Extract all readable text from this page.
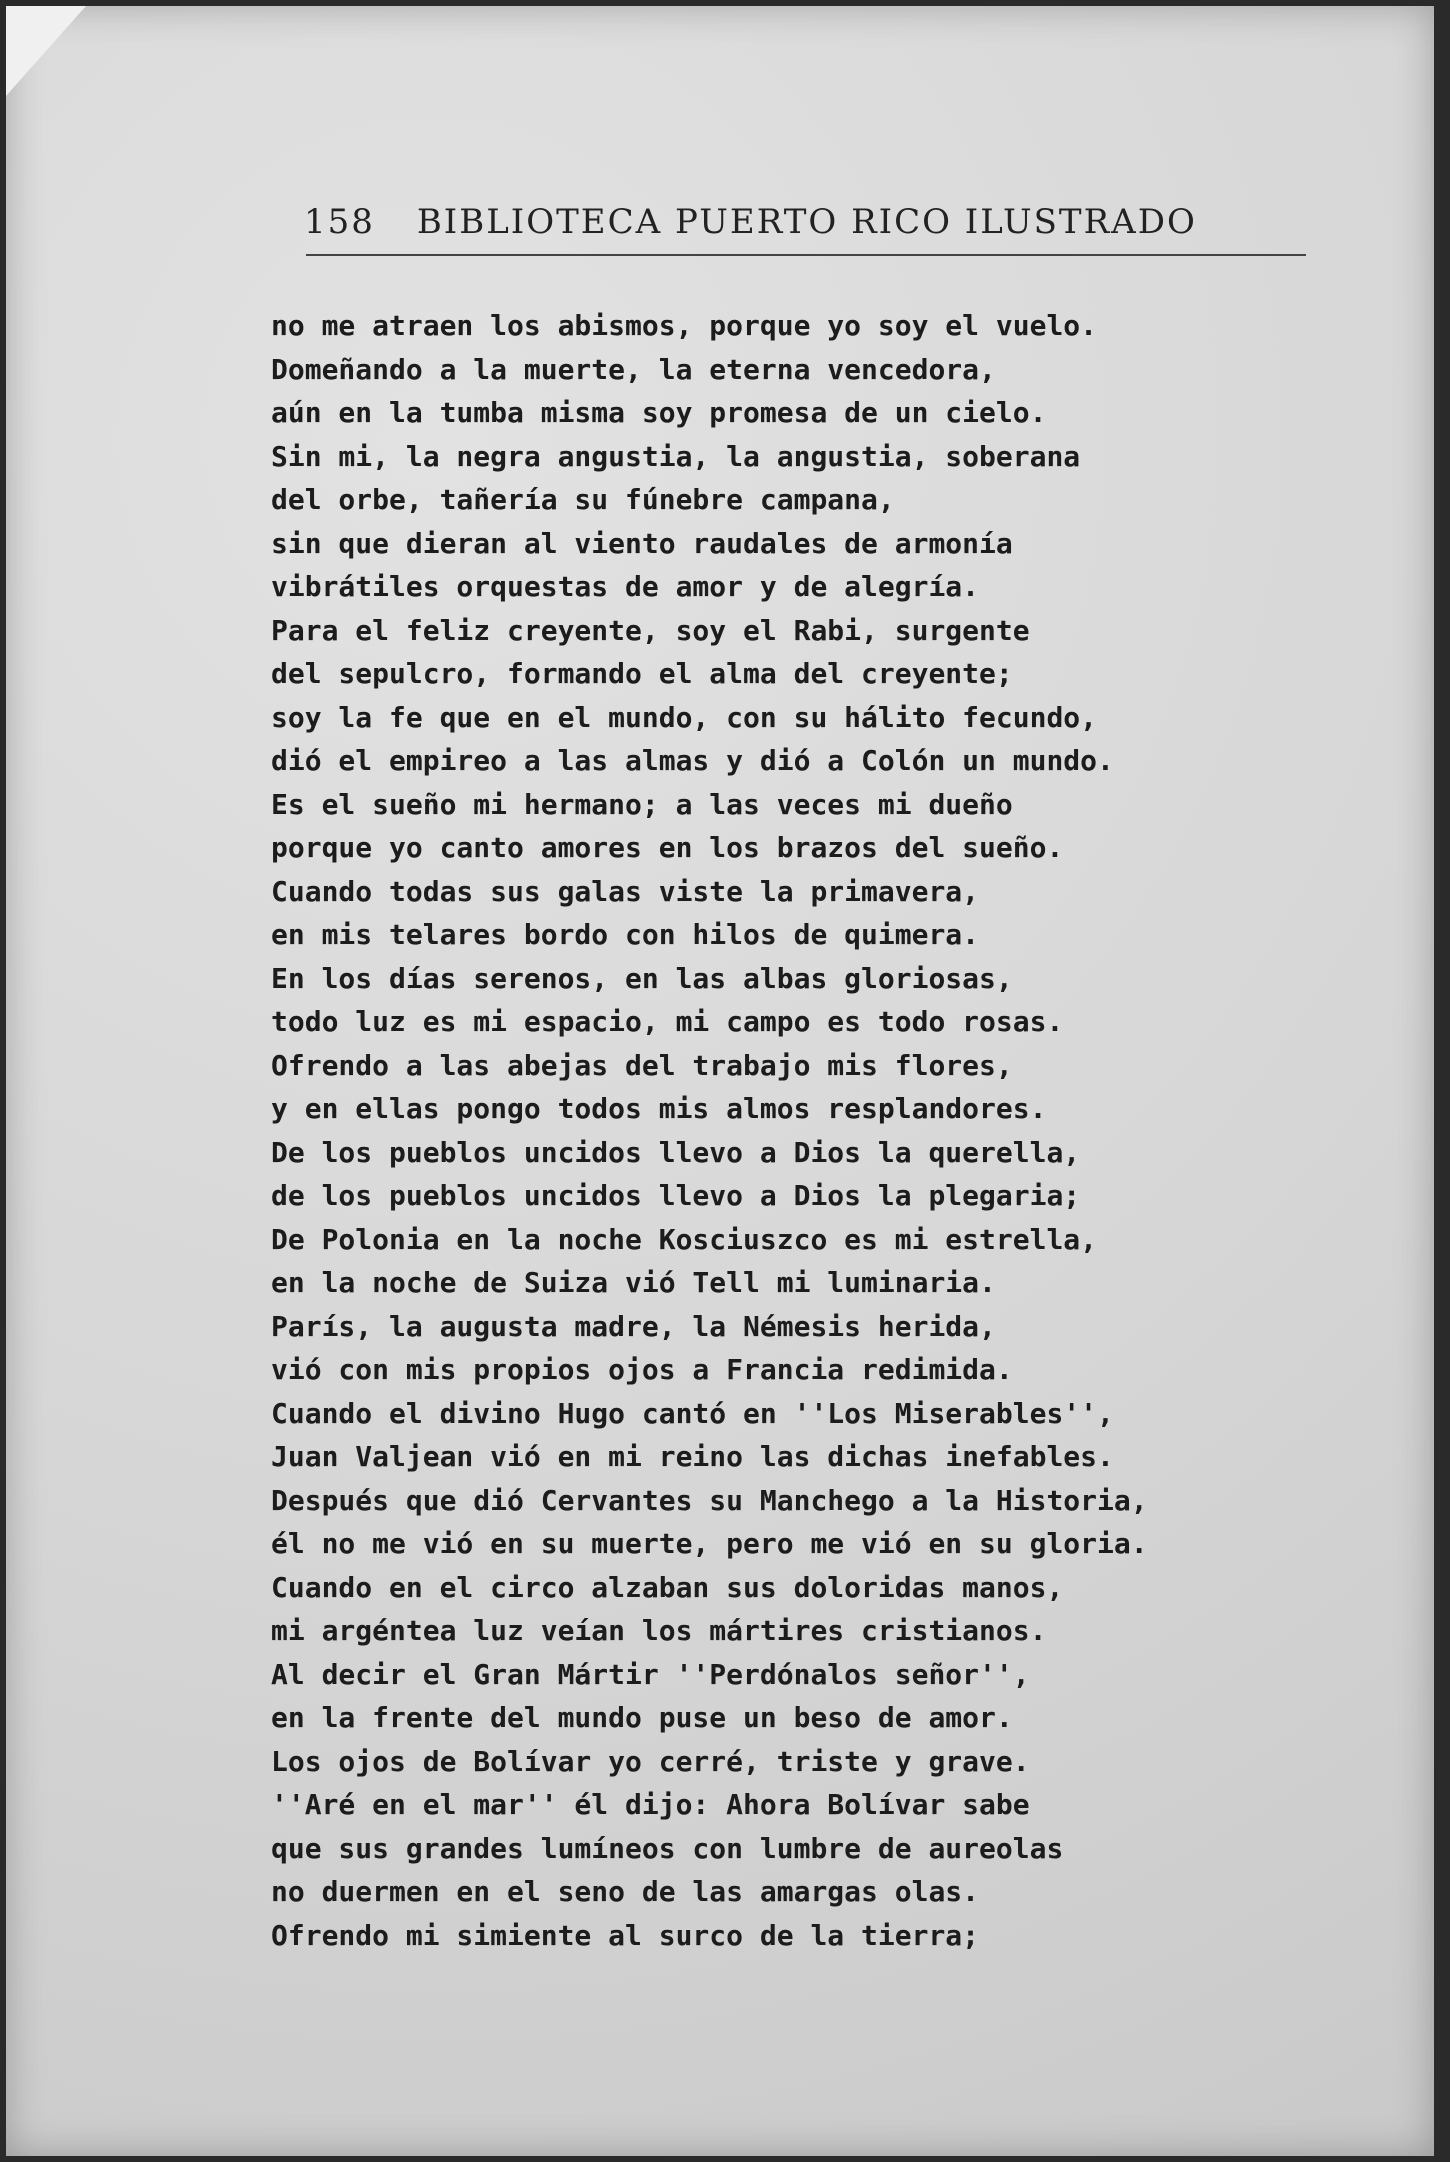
158 BIBLIOTECA PUERTO RICO ILUSTRADO
no me atraen los abismos, porque yo soy el vuelo.
Domeñando a la muerte, la eterna vencedora,
aún en la tumba misma soy promesa de un cielo.
Sin mi, la negra angustia, la angustia, soberana
del orbe, tañería su fúnebre campana,
sin que dieran al viento raudales de armonía
vibrátiles orquestas de amor y de alegría.
Para el feliz creyente, soy el Rabi, surgente
del sepulcro, formando el alma del creyente;
soy la fe que en el mundo, con su hálito fecundo,
dió el empireo a las almas y dió a Colón un mundo.
Es el sueño mi hermano; a las veces mi dueño
porque yo canto amores en los brazos del sueño.
Cuando todas sus galas viste la primavera,
en mis telares bordo con hilos de quimera.
En los días serenos, en las albas gloriosas,
todo luz es mi espacio, mi campo es todo rosas.
Ofrendo a las abejas del trabajo mis flores,
y en ellas pongo todos mis almos resplandores.
De los pueblos uncidos llevo a Dios la querella,
de los pueblos uncidos llevo a Dios la plegaria;
De Polonia en la noche Kosciuszco es mi estrella,
en la noche de Suiza vió Tell mi luminaria.
París, la augusta madre, la Némesis herida,
vió con mis propios ojos a Francia redimida.
Cuando el divino Hugo cantó en ''Los Miserables'',
Juan Valjean vió en mi reino las dichas inefables.
Después que dió Cervantes su Manchego a la Historia,
él no me vió en su muerte, pero me vió en su gloria.
Cuando en el circo alzaban sus doloridas manos,
mi argéntea luz veían los mártires cristianos.
Al decir el Gran Mártir ''Perdónalos señor'',
en la frente del mundo puse un beso de amor.
Los ojos de Bolívar yo cerré, triste y grave.
''Aré en el mar'' él dijo: Ahora Bolívar sabe
que sus grandes lumíneos con lumbre de aureolas
no duermen en el seno de las amargas olas.
Ofrendo mi simiente al surco de la tierra;
